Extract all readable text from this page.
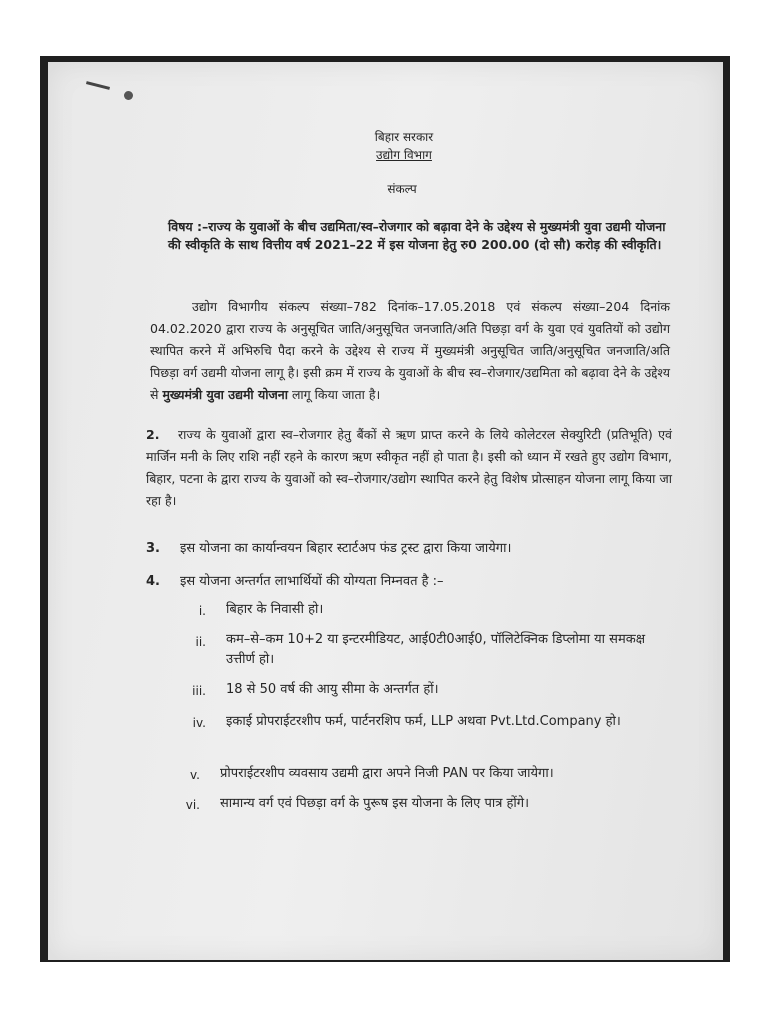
बिहार सरकार
उद्योग विभाग
संकल्प
विषय :–राज्य के युवाओं के बीच उद्यमिता/स्व–रोजगार को बढ़ावा देने के उद्देश्य से मुख्यमंत्री युवा उद्यमी योजना की स्वीकृति के साथ वित्तीय वर्ष 2021–22 में इस योजना हेतु रु0 200.00 (दो सौ) करोड़ की स्वीकृति।
उद्योग विभागीय संकल्प संख्या–782 दिनांक–17.05.2018 एवं संकल्प संख्या–204 दिनांक 04.02.2020 द्वारा राज्य के अनुसूचित जाति/अनुसूचित जनजाति/अति पिछड़ा वर्ग के युवा एवं युवतियों को उद्योग स्थापित करने में अभिरुचि पैदा करने के उद्देश्य से राज्य में मुख्यमंत्री अनुसूचित जाति/अनुसूचित जनजाति/अति पिछड़ा वर्ग उद्यमी योजना लागू है। इसी क्रम में राज्य के युवाओं के बीच स्व–रोजगार/उद्यमिता को बढ़ावा देने के उद्देश्य से मुख्यमंत्री युवा उद्यमी योजना लागू किया जाता है।
2. राज्य के युवाओं द्वारा स्व–रोजगार हेतु बैंकों से ऋण प्राप्त करने के लिये कोलेटरल सेक्युरिटी (प्रतिभूति) एवं मार्जिन मनी के लिए राशि नहीं रहने के कारण ऋण स्वीकृत नहीं हो पाता है। इसी को ध्यान में रखते हुए उद्योग विभाग, बिहार, पटना के द्वारा राज्य के युवाओं को स्व–रोजगार/उद्योग स्थापित करने हेतु विशेष प्रोत्साहन योजना लागू किया जा रहा है।
3. इस योजना का कार्यान्वयन बिहार स्टार्टअप फंड ट्रस्ट द्वारा किया जायेगा।
4. इस योजना अन्तर्गत लाभार्थियों की योग्यता निम्नवत है :–
i. बिहार के निवासी हो।
ii. कम–से–कम 10+2 या इन्टरमीडियट, आई0टी0आई0, पॉलिटेक्निक डिप्लोमा या समकक्ष उत्तीर्ण हो।
iii. 18 से 50 वर्ष की आयु सीमा के अन्तर्गत हों।
iv. इकाई प्रोपराईटरशीप फर्म, पार्टनरशिप फर्म, LLP अथवा Pvt.Ltd.Company हो।
v. प्रोपराईटरशीप व्यवसाय उद्यमी द्वारा अपने निजी PAN पर किया जायेगा।
vi. सामान्य वर्ग एवं पिछड़ा वर्ग के पुरूष इस योजना के लिए पात्र होंगे।
